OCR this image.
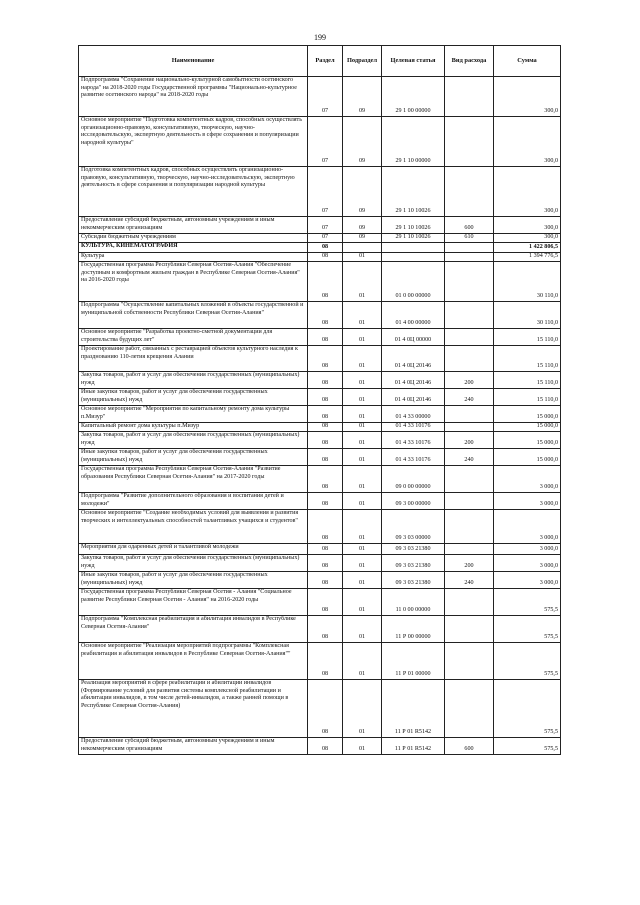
199
Наименование	Раздел	Подраздел	Целевая статья	Вид расхода	Сумма
Подпрограмма "Сохранение национально-культурной самобытности осетинского народа" на 2018-2020 годы Государственной программы "Национально-культурное развитие осетинского народа" на 2018-2020 годы	07	09	29 1 00 00000		300,0
Основное мероприятие "Подготовка компетентных кадров, способных осуществлять организационно-правовую, консультативную, творческую, научно-исследовательскую, экспертную деятельность в сфере сохранения и популяризации народной культуры"	07	09	29 1 10 00000		300,0
Подготовка компетентных кадров, способных осуществлять организационно-правовую, консультативную, творческую, научно-исследовательскую, экспертную деятельность в сфере сохранения и популяризации народной культуры	07	09	29 1 10 10026		300,0
Предоставление субсидий бюджетным, автономным учреждениям и иным некоммерческим организациям	07	09	29 1 10 10026	600	300,0
Субсидии бюджетным учреждениям	07	09	29 1 10 10026	610	300,0
КУЛЬТУРА, КИНЕМАТОГРАФИЯ	08				1 422 806,5
Культура	08	01			1 394 776,5
Государственная программа Республики Северная Осетия-Алания "Обеспечение доступным и комфортным жильем граждан в Республике Северная Осетия-Алания" на 2016-2020 годы	08	01	01 0 00 00000		30 110,0
Подпрограмма "Осуществление капитальных вложений в объекты государственной и муниципальной собственности Республики Северная Осетия-Алания"	08	01	01 4 00 00000		30 110,0
Основное мероприятие "Разработка проектно-сметной документации для строительства будущих лет"	08	01	01 4 0Ц 00000		15 110,0
Проектирование работ, связанных с реставрацией объектов культурного наследия к празднованию 110-летия крещения Алании	08	01	01 4 0Ц 20146		15 110,0
Закупка товаров, работ и услуг для обеспечения государственных (муниципальных) нужд	08	01	01 4 0Ц 20146	200	15 110,0
Иные закупки товаров, работ и услуг для обеспечения государственных (муниципальных) нужд	08	01	01 4 0Ц 20146	240	15 110,0
Основное мероприятие "Мероприятия по капитальному ремонту дома культуры п.Мизур"	08	01	01 4 33 00000		15 000,0
Капитальный ремонт дома культуры п.Мизур	08	01	01 4 33 10176		15 000,0
Закупка товаров, работ и услуг для обеспечения государственных (муниципальных) нужд	08	01	01 4 33 10176	200	15 000,0
Иные закупки товаров, работ и услуг для обеспечения государственных (муниципальных) нужд	08	01	01 4 33 10176	240	15 000,0
Государственная программа Республики Северная Осетия-Алания "Развитие образования Республики Северная Осетия-Алания" на 2017-2020 годы	08	01	09 0 00 00000		3 000,0
Подпрограмма "Развитие дополнительного образования и воспитания детей и молодежи"	08	01	09 3 00 00000		3 000,0
Основное мероприятие "Создание необходимых условий для выявления и развития творческих и интеллектуальных способностей талантливых учащихся и студентов"	08	01	09 3 03 00000		3 000,0
Мероприятия для одаренных детей и талантливой молодежи	08	01	09 3 03 21380		3 000,0
Закупка товаров, работ и услуг для обеспечения государственных (муниципальных) нужд	08	01	09 3 03 21380	200	3 000,0
Иные закупки товаров, работ и услуг для обеспечения государственных (муниципальных) нужд	08	01	09 3 03 21380	240	3 000,0
Государственная программа Республики Северная Осетия - Алания "Социальное развитие Республики Северная Осетия - Алания" на 2016-2020 годы	08	01	11 0 00 00000		575,5
Подпрограмма "Комплексная реабилитация и абилитация инвалидов в Республике Северная Осетия-Алания"	08	01	11 Р 00 00000		575,5
Основное мероприятие "Реализация мероприятий подпрограммы "Комплексная реабилитация и абилитация инвалидов в Республике Северная Осетия-Алания""	08	01	11 Р 01 00000		575,5
Реализация мероприятий в сфере реабилитации и абилитации инвалидов (Формирование условий для развития системы комплексной реабилитации и абилитации инвалидов, в том числе детей-инвалидов, а также ранней помощи в Республике Северная Осетия-Алания)	08	01	11 Р 01 R5142		575,5
Предоставление субсидий бюджетным, автономным учреждениям и иным некоммерческим организациям	08	01	11 Р 01 R5142	600	575,5
